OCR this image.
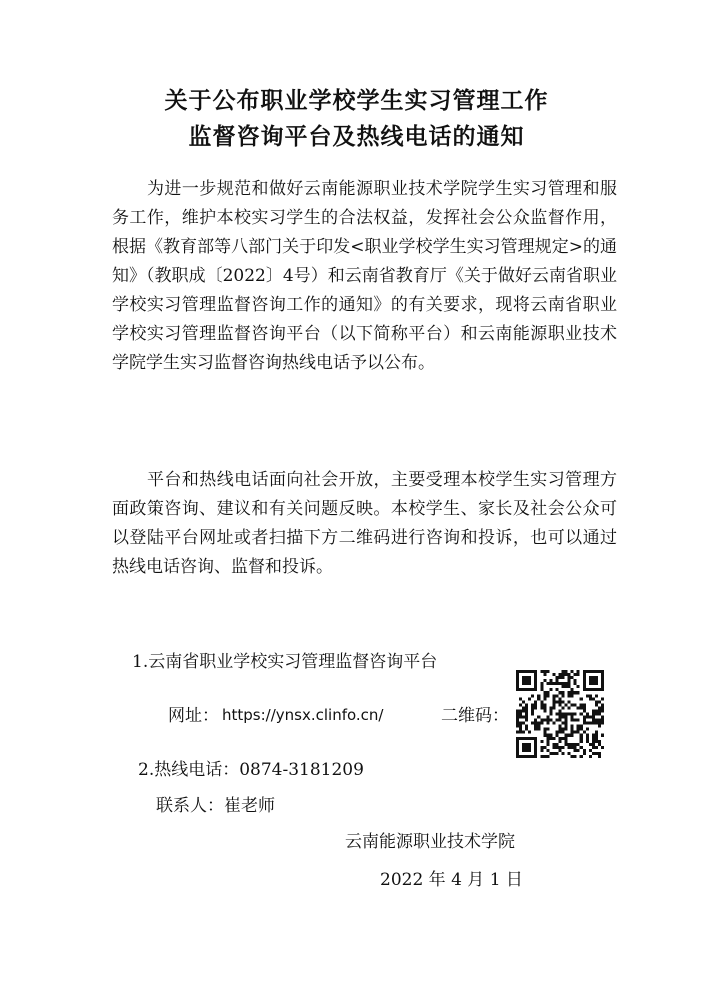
关于公布职业学校学生实习管理工作
监督咨询平台及热线电话的通知

为进一步规范和做好云南能源职业技术学院学生实习管理和服务工作，维护本校实习学生的合法权益，发挥社会公众监督作用，根据《教育部等八部门关于印发<职业学校学生实习管理规定>的通知》（教职成〔2022〕4号）和云南省教育厅《关于做好云南省职业学校实习管理监督咨询工作的通知》的有关要求，现将云南省职业学校实习管理监督咨询平台（以下简称平台）和云南能源职业技术学院学生实习监督咨询热线电话予以公布。

平台和热线电话面向社会开放，主要受理本校学生实习管理方面政策咨询、建议和有关问题反映。本校学生、家长及社会公众可以登陆平台网址或者扫描下方二维码进行咨询和投诉，也可以通过热线电话咨询、监督和投诉。

1.云南省职业学校实习管理监督咨询平台
网址： https://ynsx.clinfo.cn/	二维码：
2.热线电话：0874-3181209
联系人：崔老师
云南能源职业技术学院
2022 年 4 月 1 日
